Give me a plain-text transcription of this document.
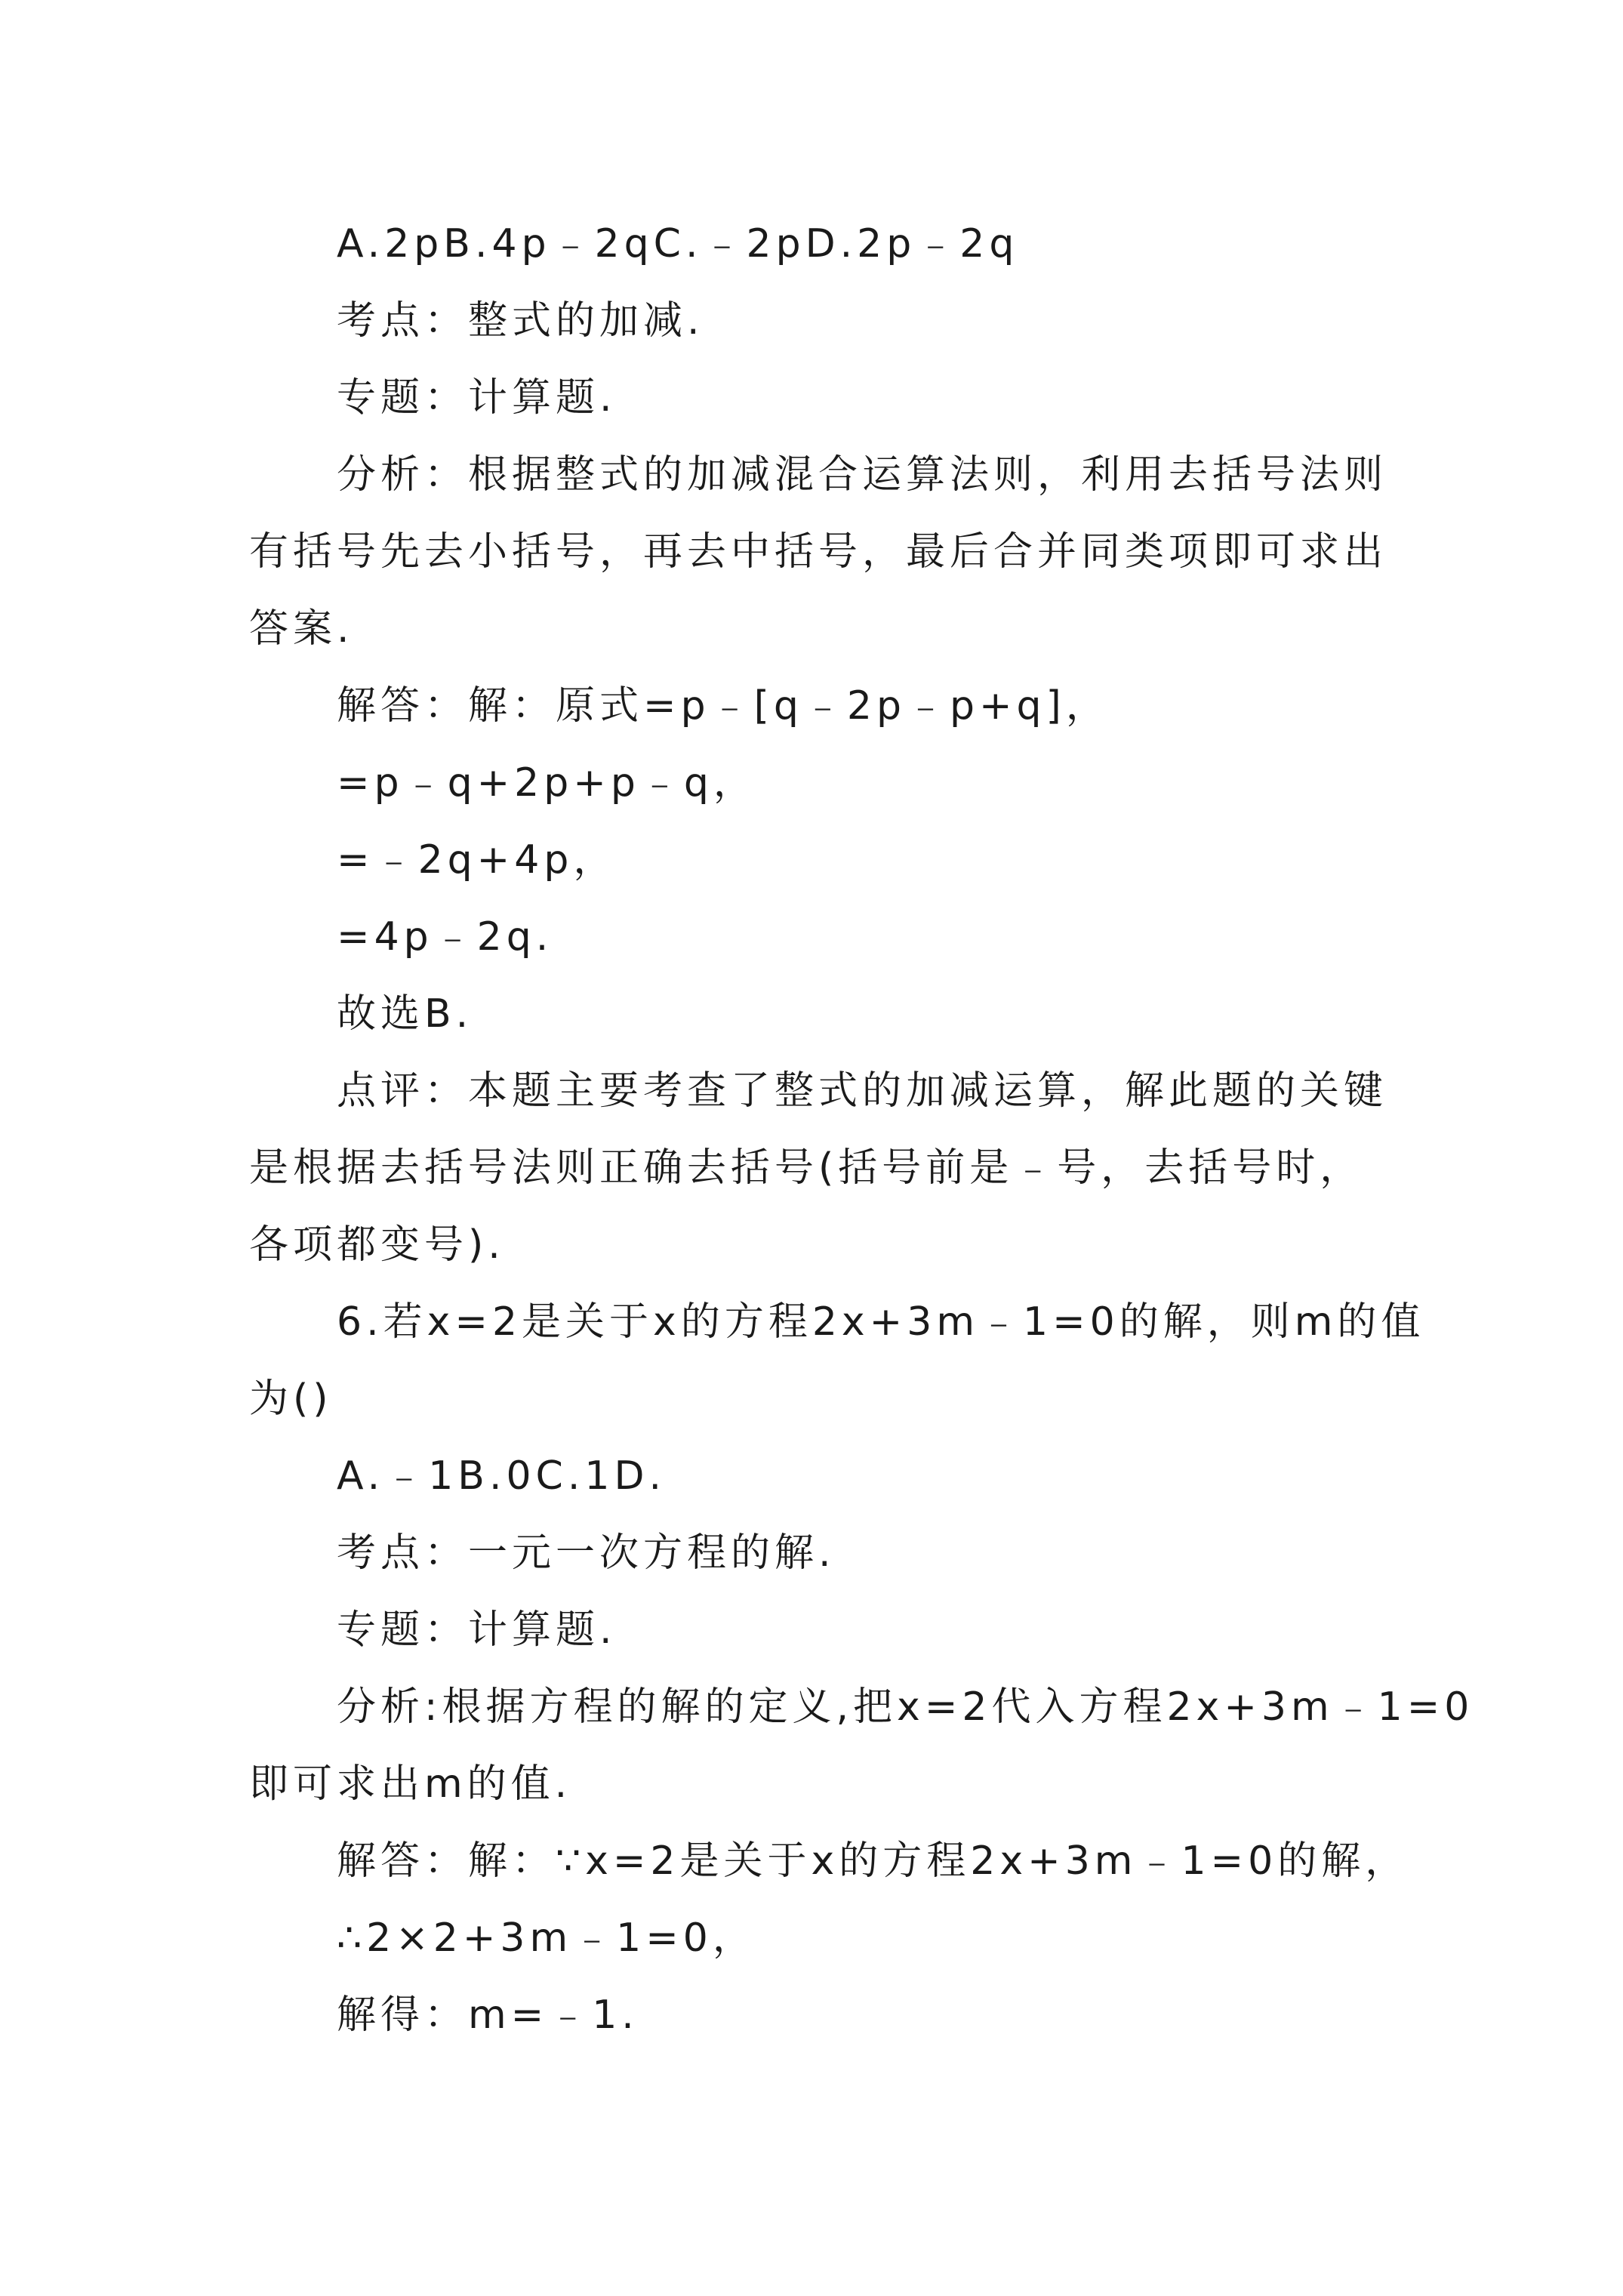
A.2pB.4p﹣2qC.﹣2pD.2p﹣2q
考点：整式的加减.
专题：计算题.
分析：根据整式的加减混合运算法则，利用去括号法则
有括号先去小括号，再去中括号，最后合并同类项即可求出
答案.
解答：解：原式=p﹣[q﹣2p﹣p+q]，
=p﹣q+2p+p﹣q，
=﹣2q+4p，
=4p﹣2q.
故选B.
点评：本题主要考查了整式的加减运算，解此题的关键
是根据去括号法则正确去括号(括号前是﹣号，去括号时，
各项都变号).
6.若x=2是关于x的方程2x+3m﹣1=0的解，则m的值
为()
A.﹣1B.0C.1D.
考点：一元一次方程的解.
专题：计算题.
分析:根据方程的解的定义,把x=2代入方程2x+3m﹣1=0
即可求出m的值.
解答：解：∵x=2是关于x的方程2x+3m﹣1=0的解，
∴2×2+3m﹣1=0，
解得：m=﹣1.
